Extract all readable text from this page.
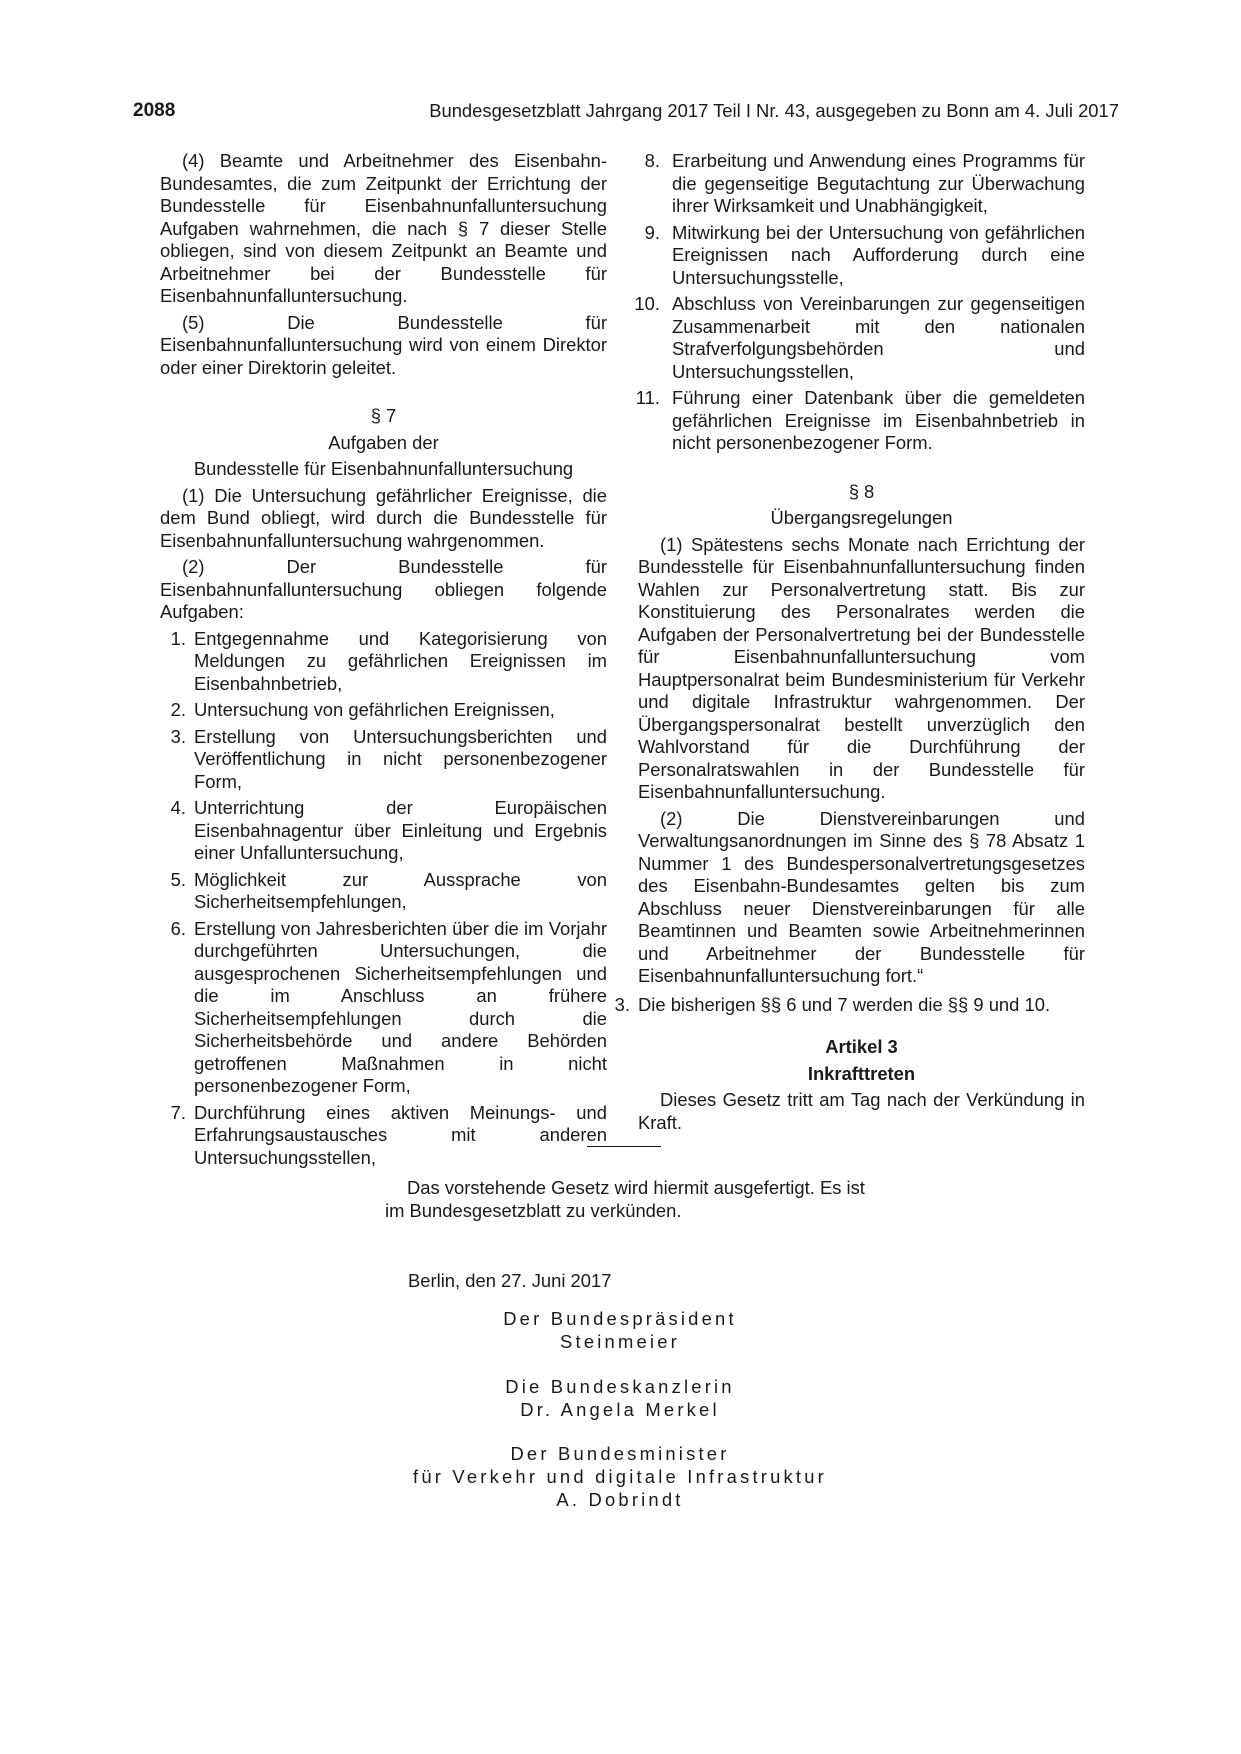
2088	Bundesgesetzblatt Jahrgang 2017 Teil I Nr. 43, ausgegeben zu Bonn am 4. Juli 2017

(4) Beamte und Arbeitnehmer des Eisenbahn-Bundesamtes, die zum Zeitpunkt der Errichtung der Bundesstelle für Eisenbahnunfalluntersuchung Aufgaben wahrnehmen, die nach § 7 dieser Stelle obliegen, sind von diesem Zeitpunkt an Beamte und Arbeitnehmer bei der Bundesstelle für Eisenbahnunfalluntersuchung.

(5) Die Bundesstelle für Eisenbahnunfalluntersuchung wird von einem Direktor oder einer Direktorin geleitet.

§ 7
Aufgaben der
Bundesstelle für Eisenbahnunfalluntersuchung

(1) Die Untersuchung gefährlicher Ereignisse, die dem Bund obliegt, wird durch die Bundesstelle für Eisenbahnunfalluntersuchung wahrgenommen.

(2) Der Bundesstelle für Eisenbahnunfalluntersuchung obliegen folgende Aufgaben:

1. Entgegennahme und Kategorisierung von Meldungen zu gefährlichen Ereignissen im Eisenbahnbetrieb,
2. Untersuchung von gefährlichen Ereignissen,
3. Erstellung von Untersuchungsberichten und Veröffentlichung in nicht personenbezogener Form,
4. Unterrichtung der Europäischen Eisenbahnagentur über Einleitung und Ergebnis einer Unfalluntersuchung,
5. Möglichkeit zur Aussprache von Sicherheitsempfehlungen,
6. Erstellung von Jahresberichten über die im Vorjahr durchgeführten Untersuchungen, die ausgesprochenen Sicherheitsempfehlungen und die im Anschluss an frühere Sicherheitsempfehlungen durch die Sicherheitsbehörde und andere Behörden getroffenen Maßnahmen in nicht personenbezogener Form,
7. Durchführung eines aktiven Meinungs- und Erfahrungsaustausches mit anderen Untersuchungsstellen,
8. Erarbeitung und Anwendung eines Programms für die gegenseitige Begutachtung zur Überwachung ihrer Wirksamkeit und Unabhängigkeit,
9. Mitwirkung bei der Untersuchung von gefährlichen Ereignissen nach Aufforderung durch eine Untersuchungsstelle,
10. Abschluss von Vereinbarungen zur gegenseitigen Zusammenarbeit mit den nationalen Strafverfolgungsbehörden und Untersuchungsstellen,
11. Führung einer Datenbank über die gemeldeten gefährlichen Ereignisse im Eisenbahnbetrieb in nicht personenbezogener Form.
§ 8
Übergangsregelungen

(1) Spätestens sechs Monate nach Errichtung der Bundesstelle für Eisenbahnunfalluntersuchung finden Wahlen zur Personalvertretung statt. Bis zur Konstituierung des Personalrates werden die Aufgaben der Personalvertretung bei der Bundesstelle für Eisenbahnunfalluntersuchung vom Hauptpersonalrat beim Bundesministerium für Verkehr und digitale Infrastruktur wahrgenommen. Der Übergangspersonalrat bestellt unverzüglich den Wahlvorstand für die Durchführung der Personalratswahlen in der Bundesstelle für Eisenbahnunfalluntersuchung.

(2) Die Dienstvereinbarungen und Verwaltungsanordnungen im Sinne des § 78 Absatz 1 Nummer 1 des Bundespersonalvertretungsgesetzes des Eisenbahn-Bundesamtes gelten bis zum Abschluss neuer Dienstvereinbarungen für alle Beamtinnen und Beamten sowie Arbeitnehmerinnen und Arbeitnehmer der Bundesstelle für Eisenbahnunfalluntersuchung fort.“

3. Die bisherigen §§ 6 und 7 werden die §§ 9 und 10.
Artikel 3
Inkrafttreten

Dieses Gesetz tritt am Tag nach der Verkündung in Kraft.

Das vorstehende Gesetz wird hiermit ausgefertigt. Es ist im Bundesgesetzblatt zu verkünden.

Berlin, den 27. Juni 2017
Der Bundespräsident
Steinmeier
Die Bundeskanzlerin
Dr. Angela Merkel
Der Bundesminister
für Verkehr und digitale Infrastruktur
A. Dobrindt
